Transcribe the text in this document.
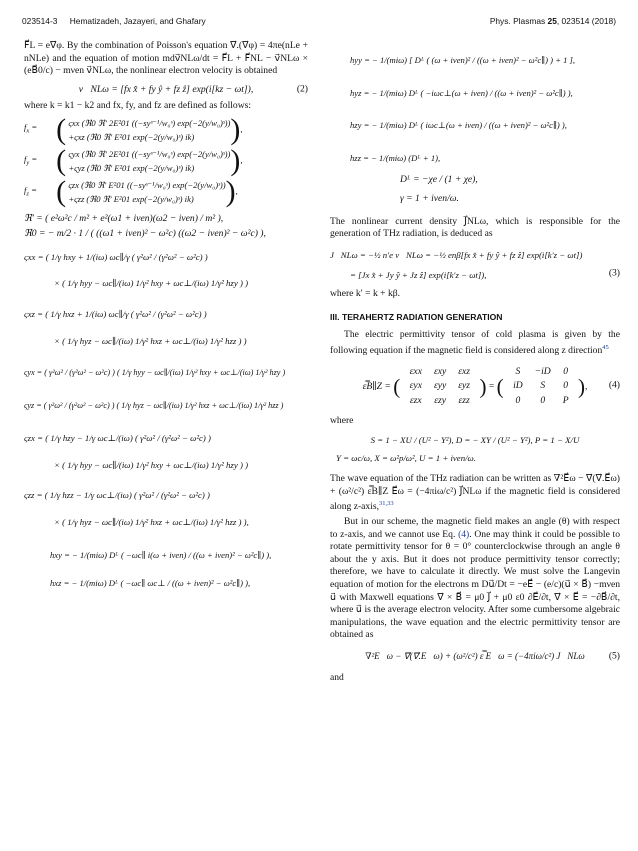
023514-3 Hematizadeh, Jazayeri, and Ghafary	Phys. Plasmas 25, 023514 (2018)

F⃗L = e∇⃗φ. By the combination of Poisson's equation ∇⃗.(∇⃗φ) = 4πe(nLe + nNLe) and the equation of motion mdv⃗NLω/dt = F⃗L + F⃗NL − v⃗NLω × (eB⃗0/c) − mνen v⃗NLω, the nonlinear electron velocity is obtained

v⃗NLω = [fx x̂ + fy ŷ + fz ẑ] exp(i[kz − ωt]),	(2)

where k = k1 − k2 and fx, fy, and fz are defined as follows:

$f_x$ = ( ςxx (ℜ0 ℜ′ 2E²01 ((−syˢ⁻¹/w₀ˢ) exp(−2(y/w₀)ˢ))
+ςxz (ℜ0 ℜ′ E²01 exp(−2(y/w₀)ˢ) ik)	),
$f_y$ = ( ςyx (ℜ0 ℜ′ 2E²01 ((−syˢ⁻¹/w₀ˢ) exp(−2(y/w₀)ˢ))
+ςyz (ℜ0 ℜ′ E²01 exp(−2(y/w₀)ˢ) ik)	),
$f_z$ = ( ςzx (ℜ0 ℜ′ E²01 ((−syˢ⁻¹/w₀ˢ) exp(−2(y/w₀)ˢ))
+ςzz (ℜ0 ℜ′ E²01 exp(−2(y/w₀)ˢ) ik)	),
ℜ′ = ( e²ω²c / m² + e²(ω1 + iνen)(ω2 − iνen) / m² ),
ℜ0 = − m/2 · 1 / ( ((ω1 + iνen)² − ω²c) ((ω2 − iνen)² − ω²c) ),
ςxx = ( 1/γ hxy + 1/(iω) ωc∥/γ ( γ²ω² / (γ²ω² − ω²c) )
× ( 1/γ hyy − ωc∥/(iω) 1/γ² hxy + ωc⊥/(iω) 1/γ² hzy ) )
ςxz = ( 1/γ hxz + 1/(iω) ωc∥/γ ( γ²ω² / (γ²ω² − ω²c) )
× ( 1/γ hyz − ωc∥/(iω) 1/γ² hxz + ωc⊥/(iω) 1/γ² hzz ) )
ςyx = ( γ²ω² / (γ²ω² − ω²c) ) ( 1/γ hyy − ωc∥/(iω) 1/γ² hxy + ωc⊥/(iω) 1/γ² hzy )
ςyz = ( γ²ω² / (γ²ω² − ω²c) ) ( 1/γ hyz − ωc∥/(iω) 1/γ² hxz + ωc⊥/(iω) 1/γ² hzz )
ςzx = ( 1/γ hzy − 1/γ ωc⊥/(iω) ( γ²ω² / (γ²ω² − ω²c) )
× ( 1/γ hyy − ωc∥/(iω) 1/γ² hxy + ωc⊥/(iω) 1/γ² hzy ) )
ςzz = ( 1/γ hzz − 1/γ ωc⊥/(iω) ( γ²ω² / (γ²ω² − ω²c) )
× ( 1/γ hyz − ωc∥/(iω) 1/γ² hxz + ωc⊥/(iω) 1/γ² hzz ) ),
hxy = − 1/(miω) Dᴸ ( −ωc∥ i(ω + iνen) / ((ω + iνen)² − ω²c∥) ),
hxz = − 1/(miω) Dᴸ ( −ωc∥ ωc⊥ / ((ω + iνen)² − ω²c∥) ),
hyy = − 1/(miω) [ Dᴸ ( (ω + iνen)² / ((ω + iνen)² − ω²c∥) ) + 1 ],
hyz = − 1/(miω) Dᴸ ( −iωc⊥(ω + iνen) / ((ω + iνen)² − ω²c∥) ),
hzy = − 1/(miω) Dᴸ ( iωc⊥(ω + iνen) / ((ω + iνen)² − ω²c∥) ),
hzz = − 1/(miω) (Dᴸ + 1),
Dᴸ = −χe / (1 + χe),
γ = 1 + iνen/ω.

The nonlinear current density J⃗NLω, which is responsible for the generation of THz radiation, is deduced as

J⃗NLω = −½ n′e v⃗NLω = −½ enβ[fx x̂ + fy ŷ + fz ẑ] exp(i[k′z − ωt])
= [Jx x̂ + Jy ŷ + Jz ẑ] exp(i[k′z − ωt]),	(3)

where k′ = k + kβ.

III. TERAHERTZ RADIATION GENERATION

The electric permittivity tensor of cold plasma is given by the following equation if the magnetic field is considered along z direction$^{45}$

ε̿B∥Z = ( εxx	εxy	εxz
εyx	εyy	εyz
εzx	εzy	εzz ) = ( S	−iD	0
iD	S	0
0	0	P ), (4)

where

S = 1 − XU / (U² − Y²), D = − XY / (U² − Y²), P = 1 − X/U
Y = ωc/ω, X = ω²p/ω², U = 1 + iνen/ω.

The wave equation of the THz radiation can be written as ∇²E⃗ω − ∇⃗(∇⃗.E⃗ω) + (ω²/c²) ε̿B∥Z E⃗ω = (−4πiω/c²) J⃗NLω if the magnetic field is considered along z-axis,$^{31,33}$

But in our scheme, the magnetic field makes an angle (θ) with respect to z-axis, and we cannot use Eq. (4). One may think it could be possible to rotate permittivity tensor for θ = 0° counterclockwise through an angle θ about the y axis. But it does not produce permittivity tensor correctly; therefore, we have to calculate it directly. We must solve the Langevin equation of motion for the electrons m Du⃗/Dt = −eE⃗ − (e/c)(u⃗ × B⃗) −mνen u⃗ with Maxwell equations ∇⃗ × B⃗ = μ0 J⃗ + μ0 ε0 ∂E⃗/∂t, ∇⃗ × E⃗ = −∂B⃗/∂t, where u⃗ is the average electron velocity. After some cumbersome algebraic manipulations, the wave equation and the electric permittivity tensor are obtained as

∇²E⃗ω − ∇⃗(∇⃗.E⃗ω) + (ω²/c²) ε̿ E⃗ω = (−4πiω/c²) J⃗NLω	(5)

and
